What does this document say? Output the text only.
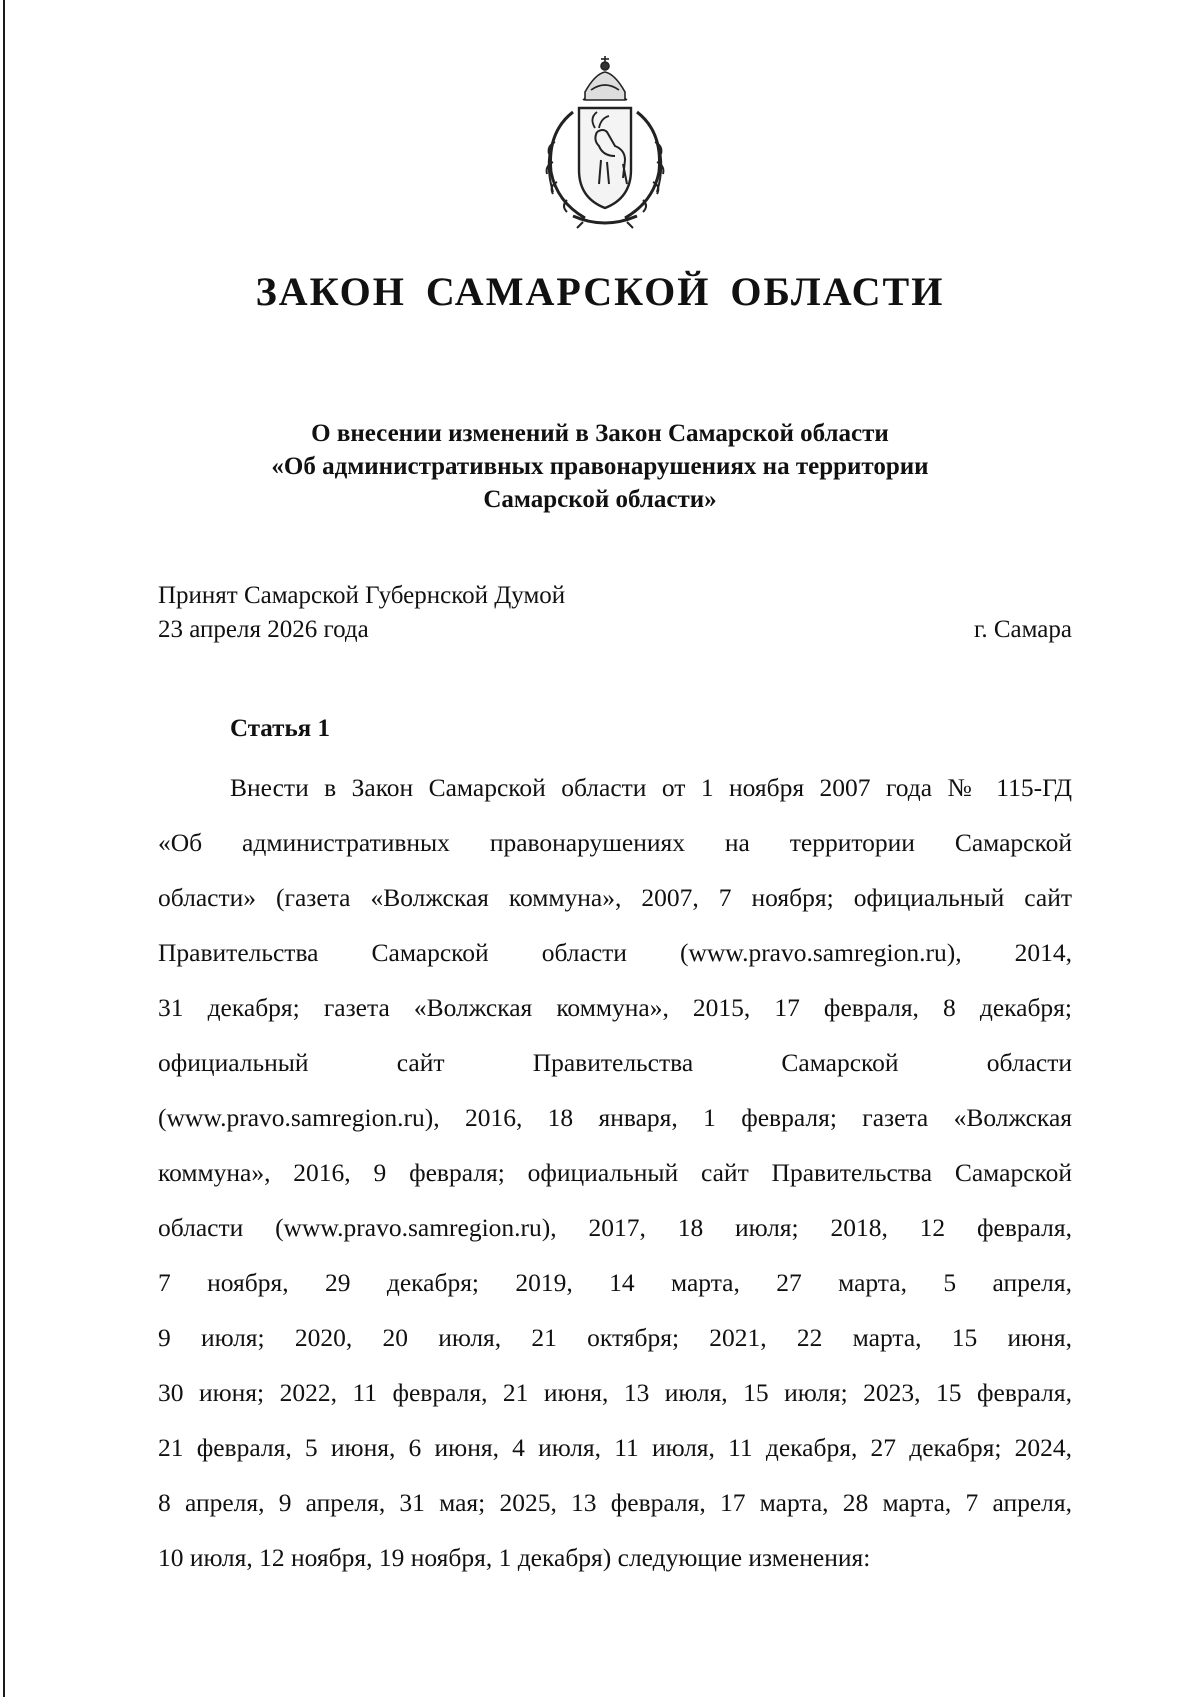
ЗАКОН САМАРСКОЙ ОБЛАСТИ
О внесении изменений в Закон Самарской области
«Об административных правонарушениях на территории
Самарской области»
Принят Самарской Губернской Думой
23 апреля 2026 года	г. Самара
Статья 1
Внести в Закон Самарской области от 1 ноября 2007 года № 115-ГД
«Об административных правонарушениях на территории Самарской
области» (газета «Волжская коммуна», 2007, 7 ноября; официальный сайт
Правительства Самарской области (www.pravo.samregion.ru), 2014,
31 декабря; газета «Волжская коммуна», 2015, 17 февраля, 8 декабря;
официальный сайт Правительства Самарской области
(www.pravo.samregion.ru), 2016, 18 января, 1 февраля; газета «Волжская
коммуна», 2016, 9 февраля; официальный сайт Правительства Самарской
области (www.pravo.samregion.ru), 2017, 18 июля; 2018, 12 февраля,
7 ноября, 29 декабря; 2019, 14 марта, 27 марта, 5 апреля,
9 июля; 2020, 20 июля, 21 октября; 2021, 22 марта, 15 июня,
30 июня; 2022, 11 февраля, 21 июня, 13 июля, 15 июля; 2023, 15 февраля,
21 февраля, 5 июня, 6 июня, 4 июля, 11 июля, 11 декабря, 27 декабря; 2024,
8 апреля, 9 апреля, 31 мая; 2025, 13 февраля, 17 марта, 28 марта, 7 апреля,
10 июля, 12 ноября, 19 ноября, 1 декабря) следующие изменения:
